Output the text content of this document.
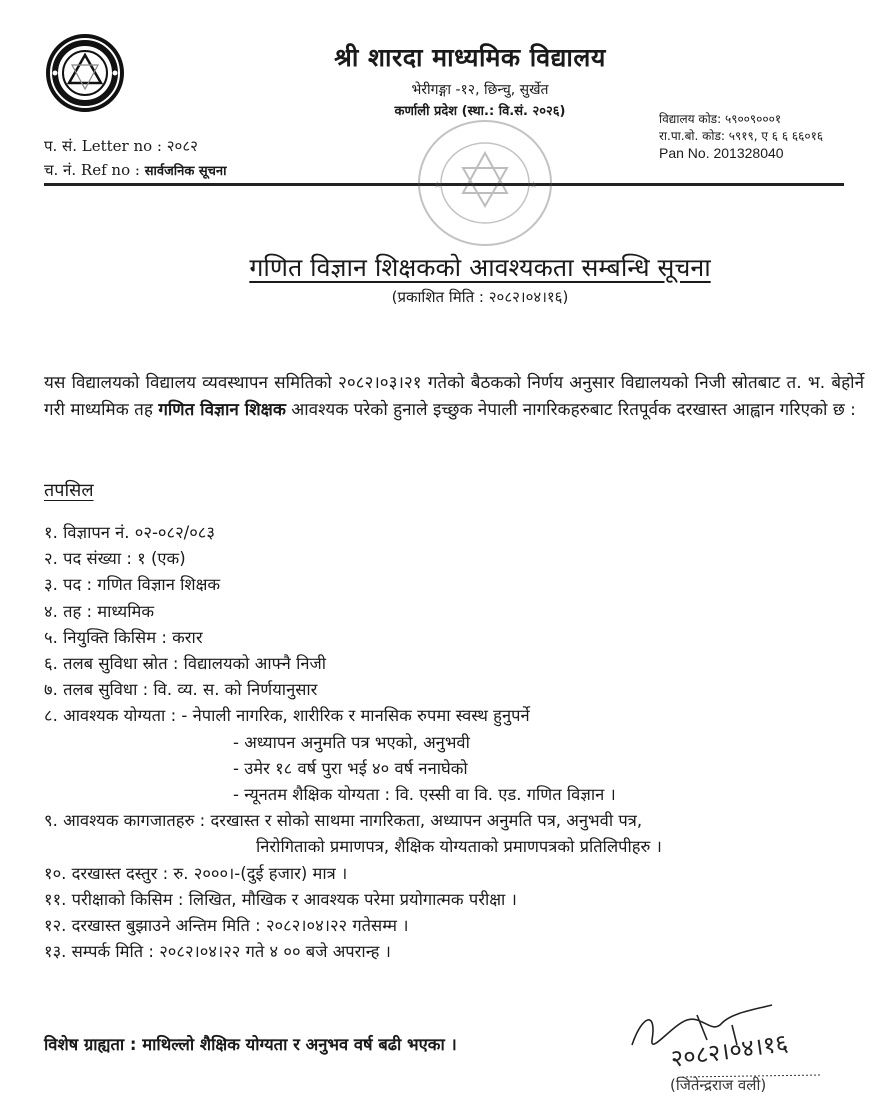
श्री शारदा माध्यमिक विद्यालय
भेरीगङ्गा -१२, छिन्चु, सुर्खेत
कर्णाली प्रदेश (स्था.: वि.सं. २०२६)
प. सं. Letter no : २०८२
च. नं. Ref no : सार्वजनिक सूचना
विद्यालय कोड: ५९००९०००१
रा.पा.बो. कोड: ५९१९, ए ६ ६ ६६०१६
Pan No. 201328040
★	★
गणित विज्ञान शिक्षकको आवश्यकता सम्बन्धि सूचना
(प्रकाशित मिति : २०८२।०४।१६)
यस विद्यालयको विद्यालय व्यवस्थापन समितिको २०८२।०३।२१ गतेको बैठकको निर्णय अनुसार विद्यालयको निजी स्रोतबाट त. भ. बेहोर्ने गरी माध्यमिक तह गणित विज्ञान शिक्षक आवश्यक परेको हुनाले इच्छुक नेपाली नागरिकहरुबाट रितपूर्वक दरखास्त आह्वान गरिएको छ :
तपसिल
१. विज्ञापन नं. ०२-०८२/०८३
२. पद संख्या : १ (एक)
३. पद : गणित विज्ञान शिक्षक
४. तह : माध्यमिक
५. नियुक्ति किसिम : करार
६. तलब सुविधा स्रोत : विद्यालयको आफ्नै निजी
७. तलब सुविधा : वि. व्य. स. को निर्णयानुसार
८. आवश्यक योग्यता : - नेपाली नागरिक, शारीरिक र मानसिक रुपमा स्वस्थ हुनुपर्ने
- अध्यापन अनुमति पत्र भएको, अनुभवी
- उमेर १८ वर्ष पुरा भई ४० वर्ष ननाघेको
- न्यूनतम शैक्षिक योग्यता : वि. एस्सी वा वि. एड. गणित विज्ञान ।
९. आवश्यक कागजातहरु : दरखास्त र सोको साथमा नागरिकता, अध्यापन अनुमति पत्र, अनुभवी पत्र,
निरोगिताको प्रमाणपत्र, शैक्षिक योग्यताको प्रमाणपत्रको प्रतिलिपीहरु ।
१०. दरखास्त दस्तुर : रु. २०००।-(दुई हजार) मात्र ।
११. परीक्षाको किसिम : लिखित, मौखिक र आवश्यक परेमा प्रयोगात्मक परीक्षा ।
१२. दरखास्त बुझाउने अन्तिम मिति : २०८२।०४।२२ गतेसम्म ।
१३. सम्पर्क मिति : २०८२।०४।२२ गते ४ ०० बजे अपरान्ह ।
विशेष ग्राह्यता : माथिल्लो शैक्षिक योग्यता र अनुभव वर्ष बढी भएका ।	२०८२।०४।१६
(जितेन्द्रराज वली)
